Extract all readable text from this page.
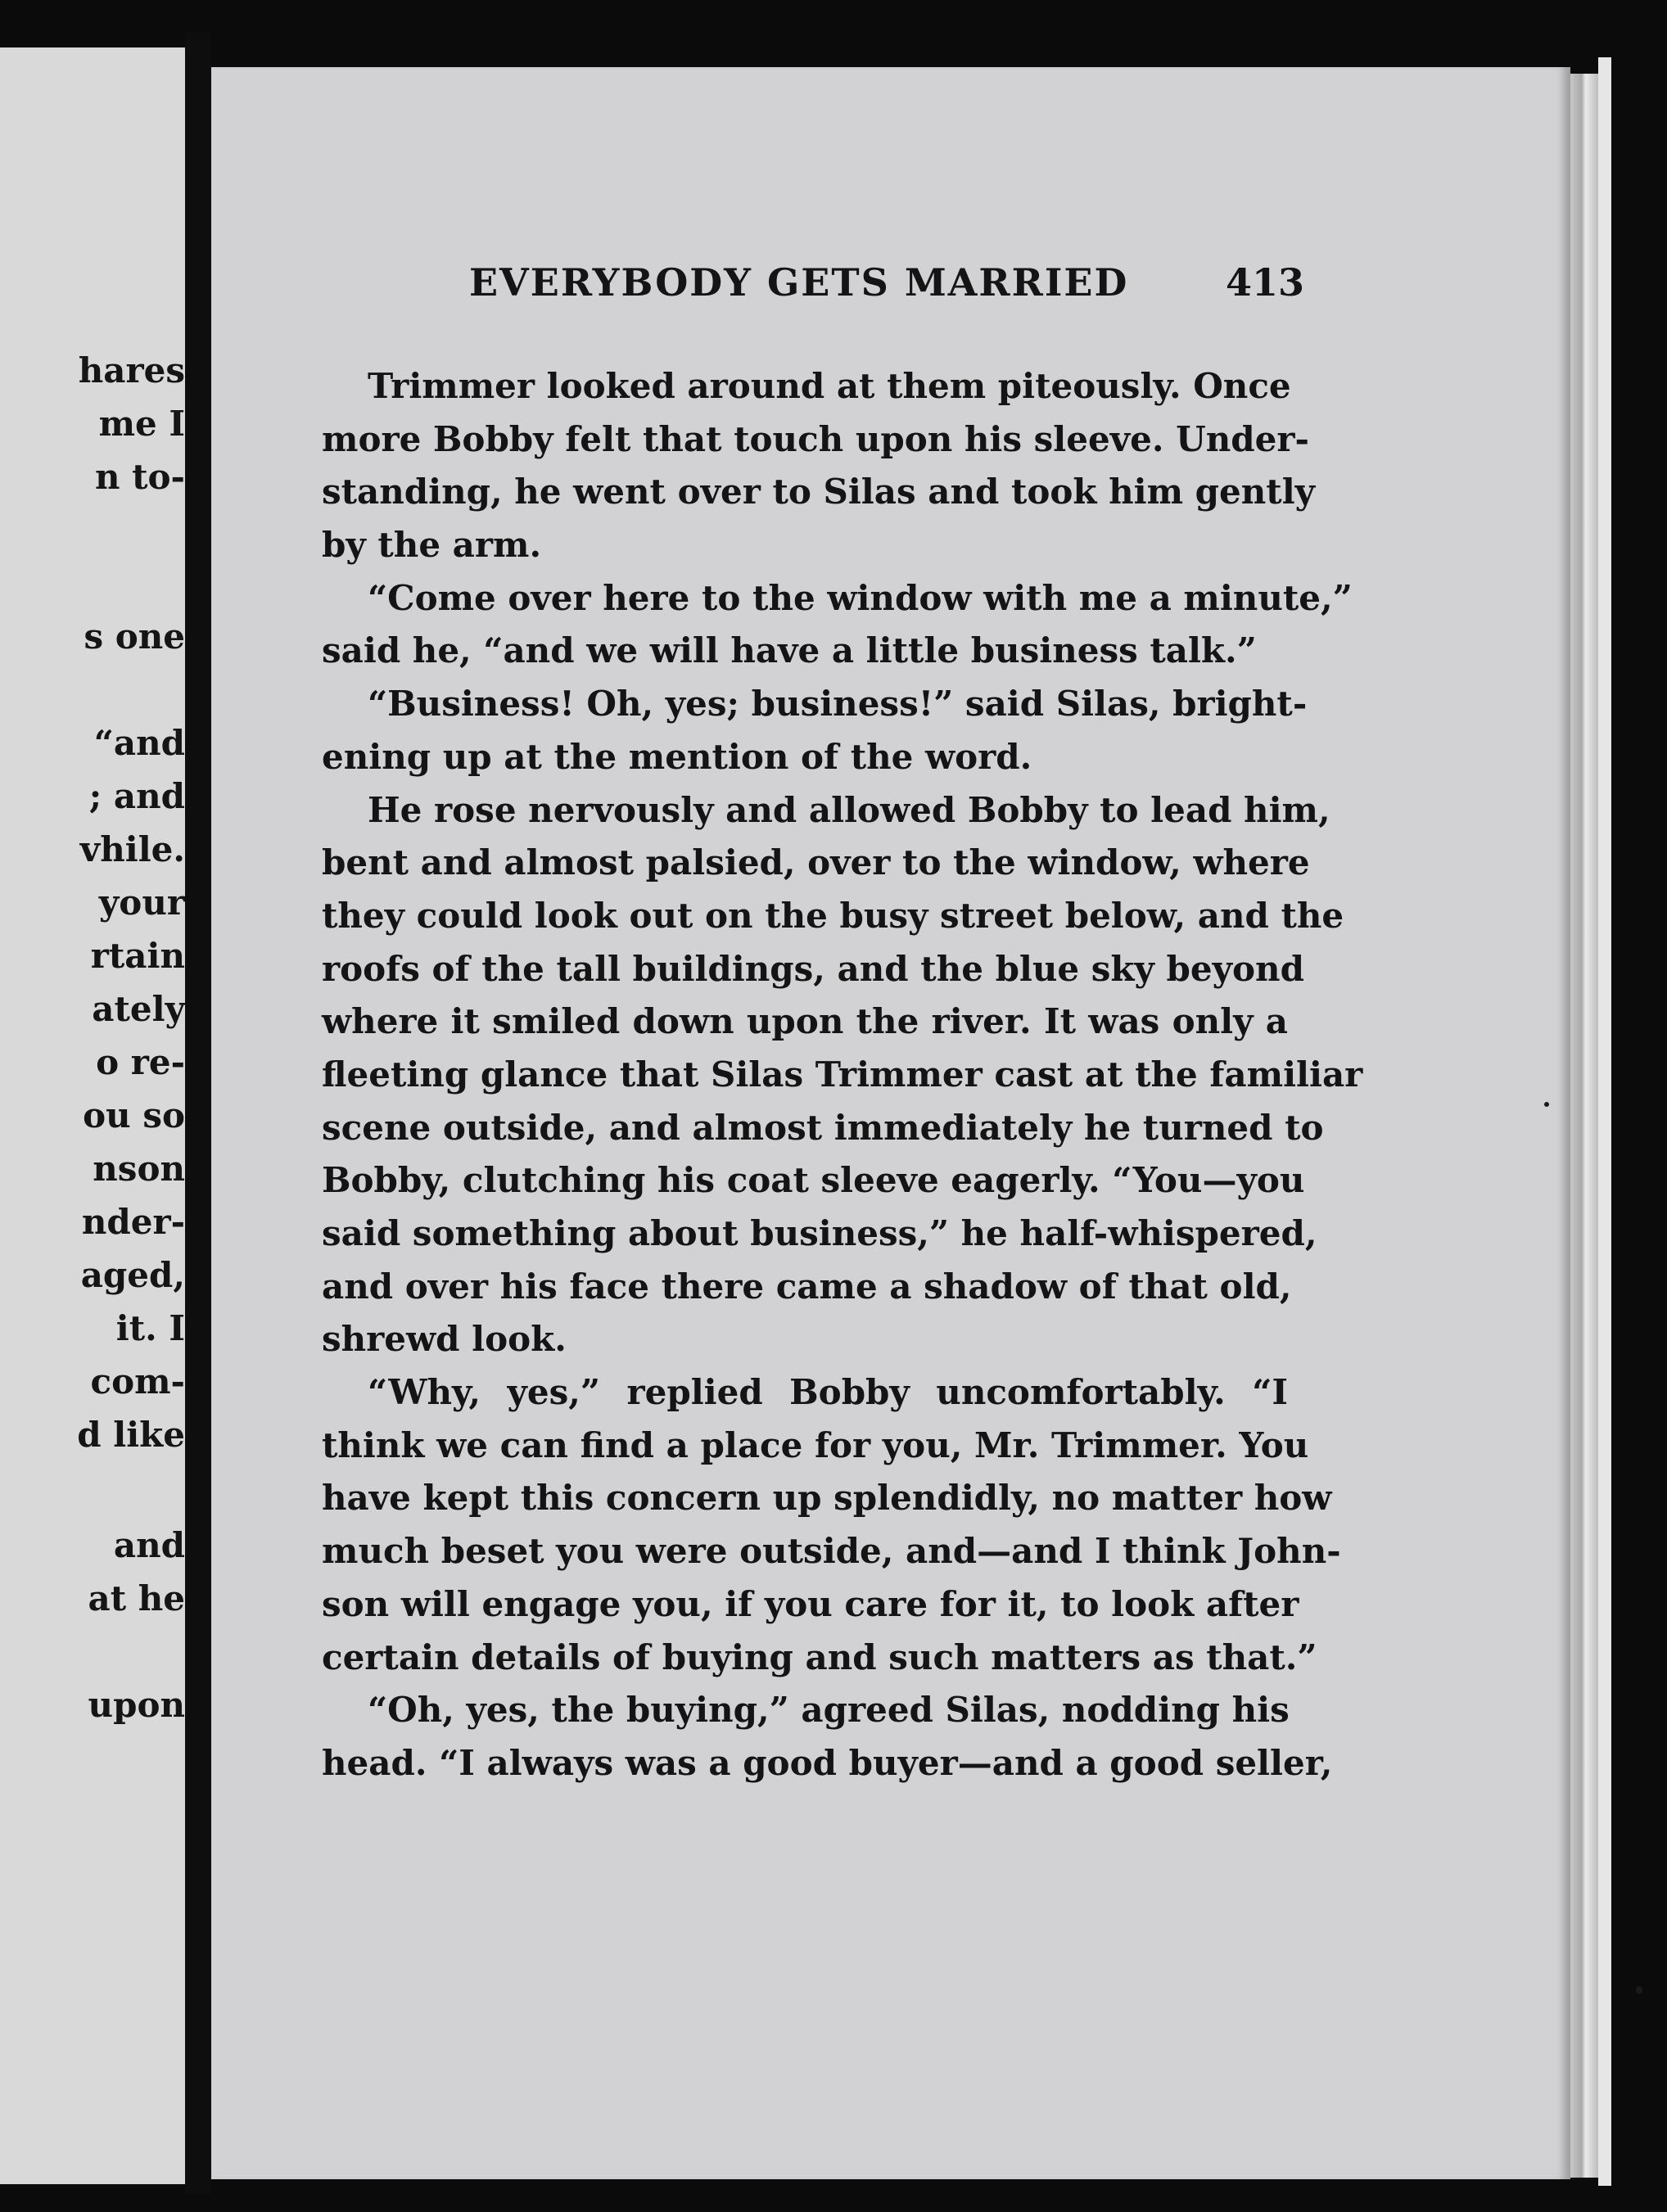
hares
me I
n to-
s one
“and
; and
vhile.
your
rtain
ately
o re-
ou so
nson
nder-
aged,
it. I
com-
d like
and
at he
upon
EVERYBODY GETS MARRIED	413
Trimmer looked around at them piteously. Once
more Bobby felt that touch upon his sleeve. Under-
standing, he went over to Silas and took him gently
by the arm.
“Come over here to the window with me a minute,”
said he, “and we will have a little business talk.”
“Business! Oh, yes; business!” said Silas, bright-
ening up at the mention of the word.
He rose nervously and allowed Bobby to lead him,
bent and almost palsied, over to the window, where
they could look out on the busy street below, and the
roofs of the tall buildings, and the blue sky beyond
where it smiled down upon the river. It was only a
fleeting glance that Silas Trimmer cast at the familiar
scene outside, and almost immediately he turned to
Bobby, clutching his coat sleeve eagerly. “You—you
said something about business,” he half-whispered,
and over his face there came a shadow of that old,
shrewd look.
“Why, yes,” replied Bobby uncomfortably. “I
think we can find a place for you, Mr. Trimmer. You
have kept this concern up splendidly, no matter how
much beset you were outside, and—and I think John-
son will engage you, if you care for it, to look after
certain details of buying and such matters as that.”
“Oh, yes, the buying,” agreed Silas, nodding his
head. “I always was a good buyer—and a good seller,
